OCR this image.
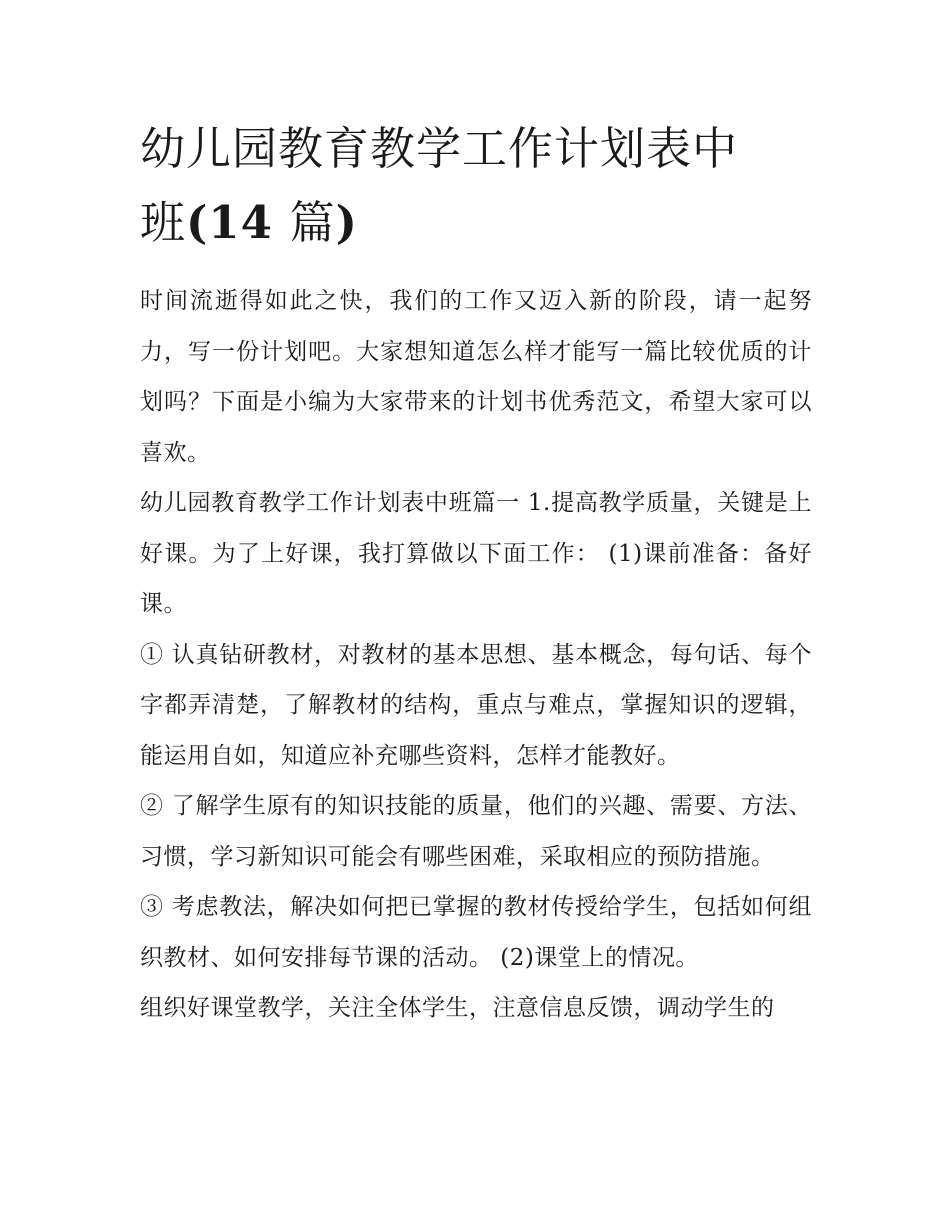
幼儿园教育教学工作计划表中
班(14 篇)

时间流逝得如此之快，我们的工作又迈入新的阶段，请一起努力，写一份计划吧。大家想知道怎么样才能写一篇比较优质的计划吗？下面是小编为大家带来的计划书优秀范文，希望大家可以喜欢。

幼儿园教育教学工作计划表中班篇一 1.提高教学质量，关键是上好课。为了上好课，我打算做以下面工作： (1)课前准备：备好课。

① 认真钻研教材，对教材的基本思想、基本概念，每句话、每个字都弄清楚，了解教材的结构，重点与难点，掌握知识的逻辑，能运用自如，知道应补充哪些资料，怎样才能教好。

② 了解学生原有的知识技能的质量，他们的兴趣、需要、方法、习惯，学习新知识可能会有哪些困难，采取相应的预防措施。

③ 考虑教法，解决如何把已掌握的教材传授给学生，包括如何组织教材、如何安排每节课的活动。 (2)课堂上的情况。

组织好课堂教学，关注全体学生，注意信息反馈，调动学生的
